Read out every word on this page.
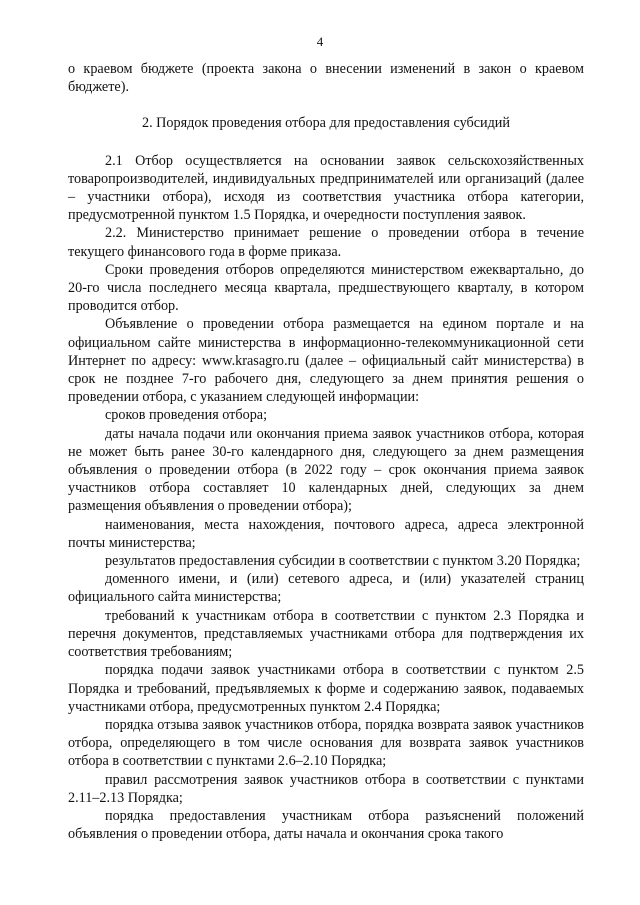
4

о краевом бюджете (проекта закона о внесении изменений в закон о краевом бюджете).

2. Порядок проведения отбора для предоставления субсидий

2.1 Отбор осуществляется на основании заявок сельскохозяйственных товаропроизводителей, индивидуальных предпринимателей или организаций (далее – участники отбора), исходя из соответствия участника отбора категории, предусмотренной пунктом 1.5 Порядка, и очередности поступления заявок.

2.2. Министерство принимает решение о проведении отбора в течение текущего финансового года в форме приказа.

Сроки проведения отборов определяются министерством ежеквартально, до 20-го числа последнего месяца квартала, предшествующего кварталу, в котором проводится отбор.

Объявление о проведении отбора размещается на едином портале и на официальном сайте министерства в информационно-телекоммуникационной сети Интернет по адресу: www.krasagro.ru (далее – официальный сайт министерства) в срок не позднее 7-го рабочего дня, следующего за днем принятия решения о проведении отбора, с указанием следующей информации:

сроков проведения отбора;

даты начала подачи или окончания приема заявок участников отбора, которая не может быть ранее 30-го календарного дня, следующего за днем размещения объявления о проведении отбора (в 2022 году – срок окончания приема заявок участников отбора составляет 10 календарных дней, следующих за днем размещения объявления о проведении отбора);

наименования, места нахождения, почтового адреса, адреса электронной почты министерства;

результатов предоставления субсидии в соответствии с пунктом 3.20 Порядка;

доменного имени, и (или) сетевого адреса, и (или) указателей страниц официального сайта министерства;

требований к участникам отбора в соответствии с пунктом 2.3 Порядка и перечня документов, представляемых участниками отбора для подтверждения их соответствия требованиям;

порядка подачи заявок участниками отбора в соответствии с пунктом 2.5 Порядка и требований, предъявляемых к форме и содержанию заявок, подаваемых участниками отбора, предусмотренных пунктом 2.4 Порядка;

порядка отзыва заявок участников отбора, порядка возврата заявок участников отбора, определяющего в том числе основания для возврата заявок участников отбора в соответствии с пунктами 2.6–2.10 Порядка;

правил рассмотрения заявок участников отбора в соответствии с пунктами 2.11–2.13 Порядка;

порядка предоставления участникам отбора разъяснений положений объявления о проведении отбора, даты начала и окончания срока такого
